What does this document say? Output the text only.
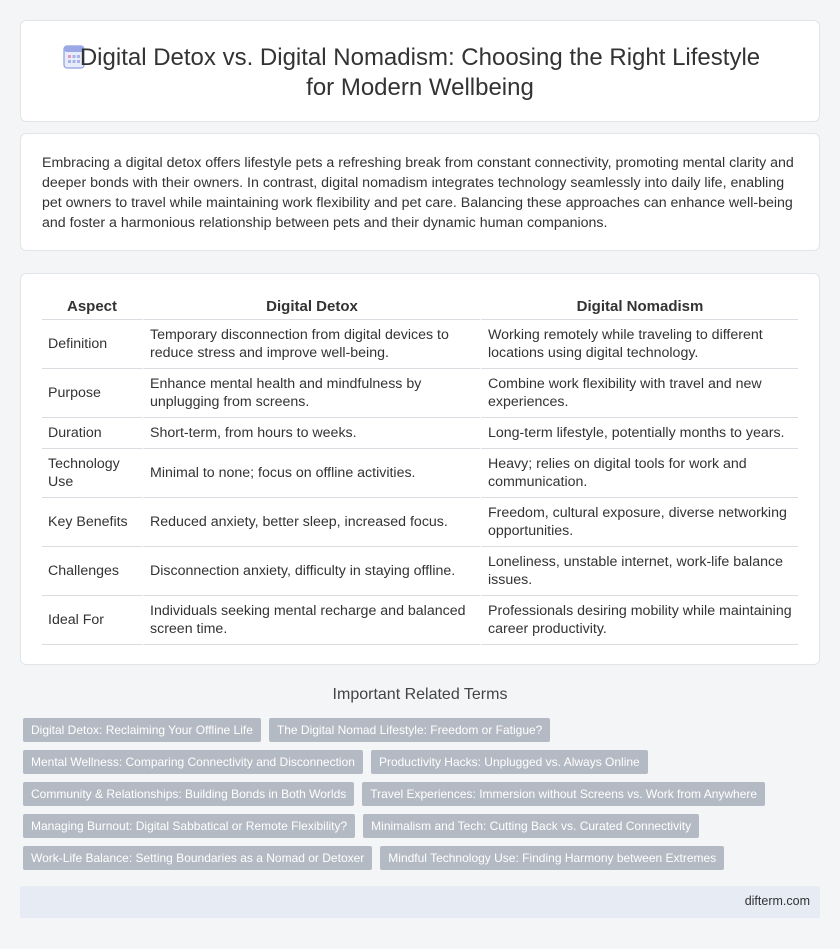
Digital Detox vs. Digital Nomadism: Choosing the Right Lifestyle
for Modern Wellbeing

Embracing a digital detox offers lifestyle pets a refreshing break from constant connectivity, promoting mental clarity and deeper bonds with their owners. In contrast, digital nomadism integrates technology seamlessly into daily life, enabling pet owners to travel while maintaining work flexibility and pet care. Balancing these approaches can enhance well-being and foster a harmonious relationship between pets and their dynamic human companions.

Aspect	Digital Detox	Digital Nomadism
Definition	Temporary disconnection from digital devices to reduce stress and improve well-being.	Working remotely while traveling to different locations using digital technology.
Purpose	Enhance mental health and mindfulness by unplugging from screens.	Combine work flexibility with travel and new experiences.
Duration	Short-term, from hours to weeks.	Long-term lifestyle, potentially months to years.
Technology Use	Minimal to none; focus on offline activities.	Heavy; relies on digital tools for work and communication.
Key Benefits	Reduced anxiety, better sleep, increased focus.	Freedom, cultural exposure, diverse networking opportunities.
Challenges	Disconnection anxiety, difficulty in staying offline.	Loneliness, unstable internet, work-life balance issues.
Ideal For	Individuals seeking mental recharge and balanced screen time.	Professionals desiring mobility while maintaining career productivity.
Important Related Terms
Digital Detox: Reclaiming Your Offline Life	The Digital Nomad Lifestyle: Freedom or Fatigue?
Mental Wellness: Comparing Connectivity and Disconnection	Productivity Hacks: Unplugged vs. Always Online
Community & Relationships: Building Bonds in Both Worlds	Travel Experiences: Immersion without Screens vs. Work from Anywhere
Managing Burnout: Digital Sabbatical or Remote Flexibility?	Minimalism and Tech: Cutting Back vs. Curated Connectivity
Work-Life Balance: Setting Boundaries as a Nomad or Detoxer	Mindful Technology Use: Finding Harmony between Extremes
difterm.com
